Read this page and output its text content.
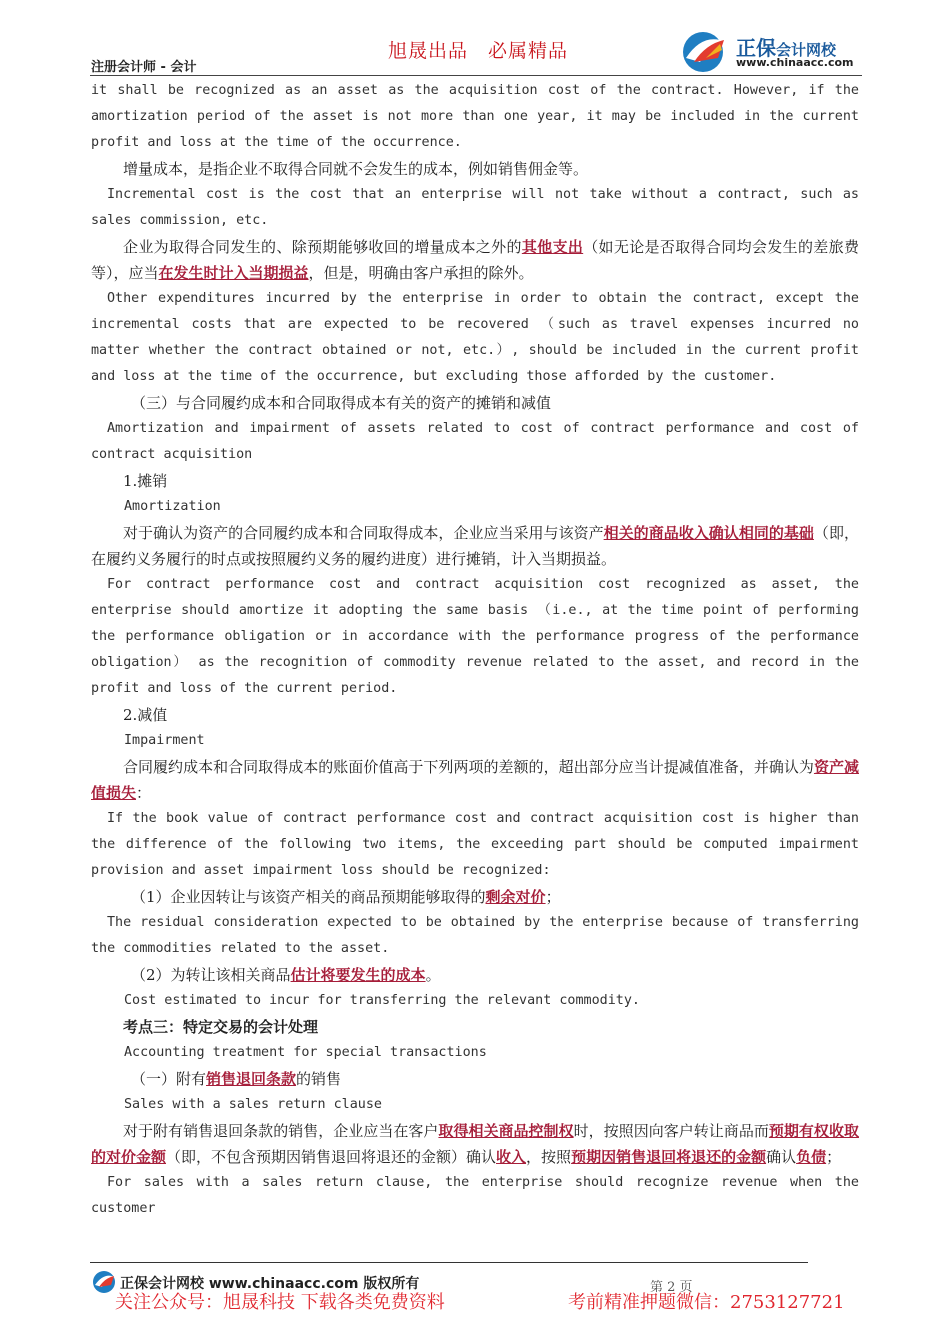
旭晟出品　必属精品
注册会计师 - 会计
正保会计网校
www.chinaacc.com

it shall be recognized as an asset as the acquisition cost of the contract. However, if the amortization period of the asset is not more than one year, it may be included in the current profit and loss at the time of the occurrence.

增量成本，是指企业不取得合同就不会发生的成本，例如销售佣金等。

Incremental cost is the cost that an enterprise will not take without a contract, such as sales commission, etc.

企业为取得合同发生的、除预期能够收回的增量成本之外的其他支出（如无论是否取得合同均会发生的差旅费等），应当在发生时计入当期损益，但是，明确由客户承担的除外。

Other expenditures incurred by the enterprise in order to obtain the contract, except the incremental costs that are expected to be recovered （such as travel expenses incurred no matter whether the contract obtained or not, etc.）, should be included in the current profit and loss at the time of the occurrence, but excluding those afforded by the customer.

（三）与合同履约成本和合同取得成本有关的资产的摊销和减值

Amortization and impairment of assets related to cost of contract performance and cost of contract acquisition

1.摊销

Amortization

对于确认为资产的合同履约成本和合同取得成本，企业应当采用与该资产相关的商品收入确认相同的基础（即，在履约义务履行的时点或按照履约义务的履约进度）进行摊销，计入当期损益。

For contract performance cost and contract acquisition cost recognized as asset, the enterprise should amortize it adopting the same basis （i.e., at the time point of performing the performance obligation or in accordance with the performance progress of the performance obligation） as the recognition of commodity revenue related to the asset, and record in the profit and loss of the current period.

2.减值

Impairment

合同履约成本和合同取得成本的账面价值高于下列两项的差额的，超出部分应当计提减值准备，并确认为资产减值损失：

If the book value of contract performance cost and contract acquisition cost is higher than the difference of the following two items, the exceeding part should be computed impairment provision and asset impairment loss should be recognized:

（1）企业因转让与该资产相关的商品预期能够取得的剩余对价；

The residual consideration expected to be obtained by the enterprise because of transferring the commodities related to the asset.

（2）为转让该相关商品估计将要发生的成本。

Cost estimated to incur for transferring the relevant commodity.

考点三：特定交易的会计处理

Accounting treatment for special transactions

（一）附有销售退回条款的销售

Sales with a sales return clause

对于附有销售退回条款的销售，企业应当在客户取得相关商品控制权时，按照因向客户转让商品而预期有权收取的对价金额（即，不包含预期因销售退回将退还的金额）确认收入，按照预期因销售退回将退还的金额确认负债；

For sales with a sales return clause, the enterprise should recognize revenue when the customer

正保会计网校 www.chinaacc.com 版权所有	第 2 页
关注公众号：旭晟科技 下载各类免费资料	考前精准押题微信：2753127721
